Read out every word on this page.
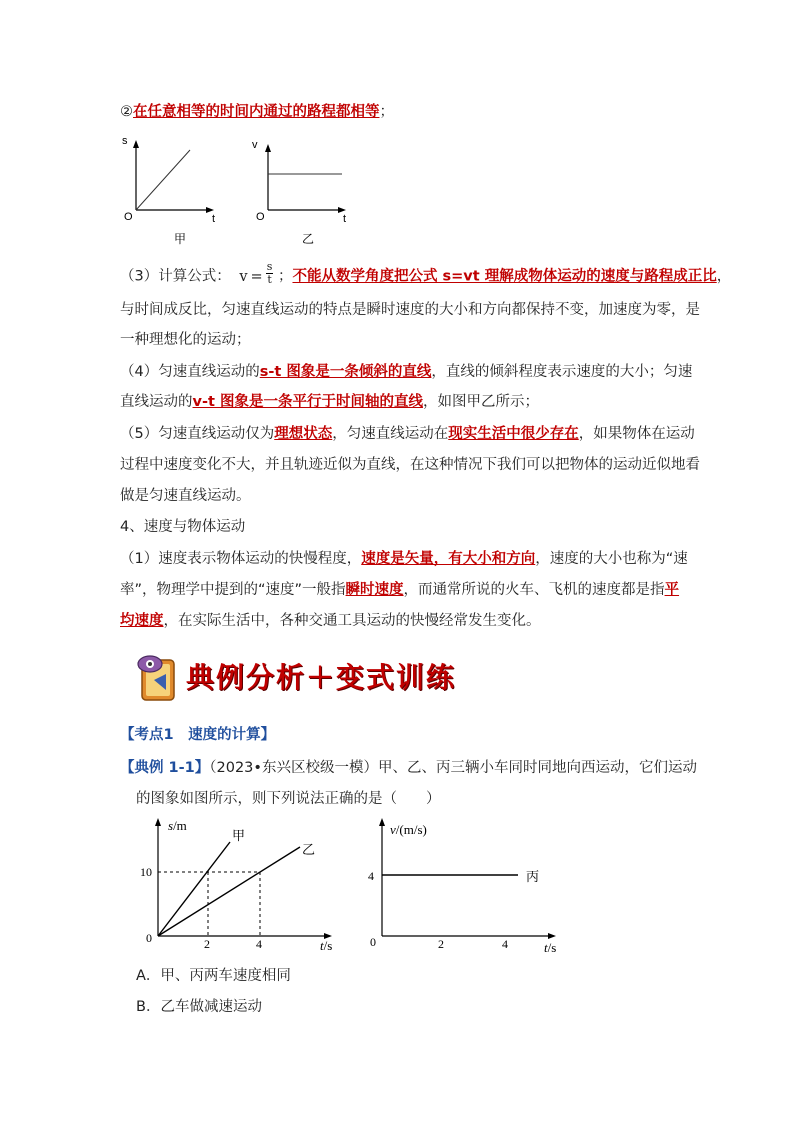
②在任意相等的时间内通过的路程都相等；
s
O	t
甲
v
O	t
乙
（3）计算公式： $v = \frac{s}{t}$ ；不能从数学角度把公式 s=vt 理解成物体运动的速度与路程成正比，
与时间成反比，匀速直线运动的特点是瞬时速度的大小和方向都保持不变，加速度为零，是
一种理想化的运动；
（4）匀速直线运动的s-t 图象是一条倾斜的直线，直线的倾斜程度表示速度的大小；匀速
直线运动的v-t 图象是一条平行于时间轴的直线，如图甲乙所示；
（5）匀速直线运动仅为理想状态，匀速直线运动在现实生活中很少存在，如果物体在运动
过程中速度变化不大，并且轨迹近似为直线，在这种情况下我们可以把物体的运动近似地看
做是匀速直线运动。
4、速度与物体运动
（1）速度表示物体运动的快慢程度，速度是矢量，有大小和方向，速度的大小也称为“速
率”，物理学中提到的“速度”一般指瞬时速度，而通常所说的火车、飞机的速度都是指平
均速度，在实际生活中，各种交通工具运动的快慢经常发生变化。
典例分析＋变式训练
【考点1　速度的计算】
【典例 1-1】（2023•东兴区校级一模）甲、乙、丙三辆小车同时同地向西运动，它们运动
的图象如图所示，则下列说法正确的是（　　）
s/m
10
0	2	4	t/s
甲
乙
v/(m/s)
4
0	2	4	t/s
丙
A．甲、丙两车速度相同
B．乙车做减速运动
